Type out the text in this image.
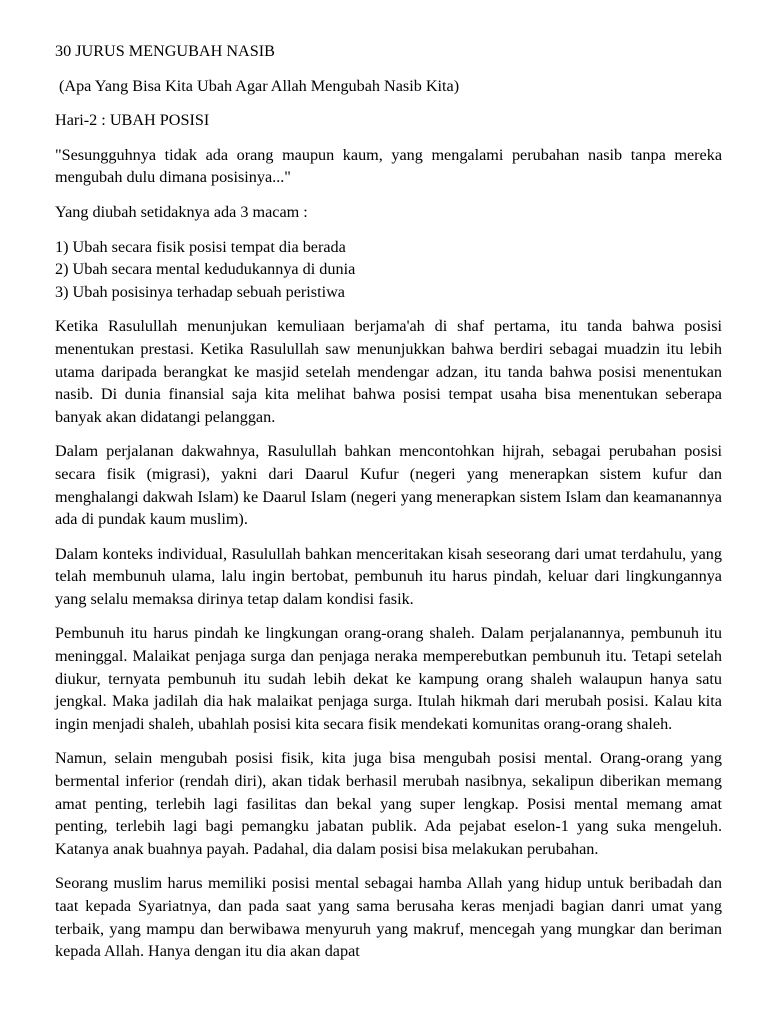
30 JURUS MENGUBAH NASIB

(Apa Yang Bisa Kita Ubah Agar Allah Mengubah Nasib Kita)

Hari-2 : UBAH POSISI

"Sesungguhnya tidak ada orang maupun kaum, yang mengalami perubahan nasib tanpa mereka mengubah dulu dimana posisinya..."

Yang diubah setidaknya ada 3 macam :

1) Ubah secara fisik posisi tempat dia berada
2) Ubah secara mental kedudukannya di dunia
3) Ubah posisinya terhadap sebuah peristiwa

Ketika Rasulullah menunjukan kemuliaan berjama'ah di shaf pertama, itu tanda bahwa posisi menentukan prestasi. Ketika Rasulullah saw menunjukkan bahwa berdiri sebagai muadzin itu lebih utama daripada berangkat ke masjid setelah mendengar adzan, itu tanda bahwa posisi menentukan nasib. Di dunia finansial saja kita melihat bahwa posisi tempat usaha bisa menentukan seberapa banyak akan didatangi pelanggan.

Dalam perjalanan dakwahnya, Rasulullah bahkan mencontohkan hijrah, sebagai perubahan posisi secara fisik (migrasi), yakni dari Daarul Kufur (negeri yang menerapkan sistem kufur dan menghalangi dakwah Islam) ke Daarul Islam (negeri yang menerapkan sistem Islam dan keamanannya ada di pundak kaum muslim).

Dalam konteks individual, Rasulullah bahkan menceritakan kisah seseorang dari umat terdahulu, yang telah membunuh ulama, lalu ingin bertobat, pembunuh itu harus pindah, keluar dari lingkungannya yang selalu memaksa dirinya tetap dalam kondisi fasik.

Pembunuh itu harus pindah ke lingkungan orang-orang shaleh. Dalam perjalanannya, pembunuh itu meninggal. Malaikat penjaga surga dan penjaga neraka memperebutkan pembunuh itu. Tetapi setelah diukur, ternyata pembunuh itu sudah lebih dekat ke kampung orang shaleh walaupun hanya satu jengkal. Maka jadilah dia hak malaikat penjaga surga. Itulah hikmah dari merubah posisi. Kalau kita ingin menjadi shaleh, ubahlah posisi kita secara fisik mendekati komunitas orang-orang shaleh.

Namun, selain mengubah posisi fisik, kita juga bisa mengubah posisi mental. Orang-orang yang bermental inferior (rendah diri), akan tidak berhasil merubah nasibnya, sekalipun diberikan memang amat penting, terlebih lagi fasilitas dan bekal yang super lengkap. Posisi mental memang amat penting, terlebih lagi bagi pemangku jabatan publik. Ada pejabat eselon-1 yang suka mengeluh. Katanya anak buahnya payah. Padahal, dia dalam posisi bisa melakukan perubahan.

Seorang muslim harus memiliki posisi mental sebagai hamba Allah yang hidup untuk beribadah dan taat kepada Syariatnya, dan pada saat yang sama berusaha keras menjadi bagian danri umat yang terbaik, yang mampu dan berwibawa menyuruh yang makruf, mencegah yang mungkar dan beriman kepada Allah. Hanya dengan itu dia akan dapat
